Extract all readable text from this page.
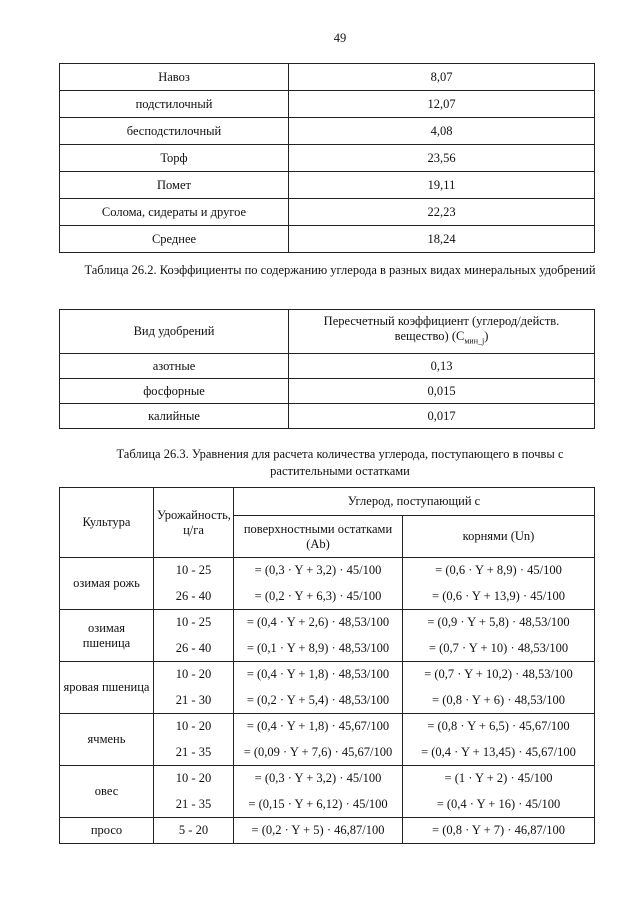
49
Навоз	8,07
подстилочный	12,07
бесподстилочный	4,08
Торф	23,56
Помет	19,11
Солома, сидераты и другое	22,23
Среднее	18,24
Таблица 26.2. Коэффициенты по содержанию углерода в разных видах минеральных удобрений
Вид удобрений	Пересчетный коэффициент (углерод/действ. вещество) $(C_{мин\_j})$
азотные	0,13
фосфорные	0,015
калийные	0,017
Таблица 26.3. Уравнения для расчета количества углерода, поступающего в почвы с растительными остатками
Культура	Урожайность, ц/га	Углерод, поступающий с	
		поверхностными остатками (Ab)	корнями (Un)
озимая рожь	10 - 25	= (0,3 · Y + 3,2) · 45/100	= (0,6 · Y + 8,9) · 45/100
	26 - 40	= (0,2 · Y + 6,3) · 45/100	= (0,6 · Y + 13,9) · 45/100
озимая пшеница	10 - 25	= (0,4 · Y + 2,6) · 48,53/100	= (0,9 · Y + 5,8) · 48,53/100
	26 - 40	= (0,1 · Y + 8,9) · 48,53/100	= (0,7 · Y + 10) · 48,53/100
яровая пшеница	10 - 20	= (0,4 · Y + 1,8) · 48,53/100	= (0,7 · Y + 10,2) · 48,53/100
	21 - 30	= (0,2 · Y + 5,4) · 48,53/100	= (0,8 · Y + 6) · 48,53/100
ячмень	10 - 20	= (0,4 · Y + 1,8) · 45,67/100	= (0,8 · Y + 6,5) · 45,67/100
	21 - 35	= (0,09 · Y + 7,6) · 45,67/100	= (0,4 · Y + 13,45) · 45,67/100
овес	10 - 20	= (0,3 · Y + 3,2) · 45/100	= (1 · Y + 2) · 45/100
	21 - 35	= (0,15 · Y + 6,12) · 45/100	= (0,4 · Y + 16) · 45/100
просо	5 - 20	= (0,2 · Y + 5) · 46,87/100	= (0,8 · Y + 7) · 46,87/100
